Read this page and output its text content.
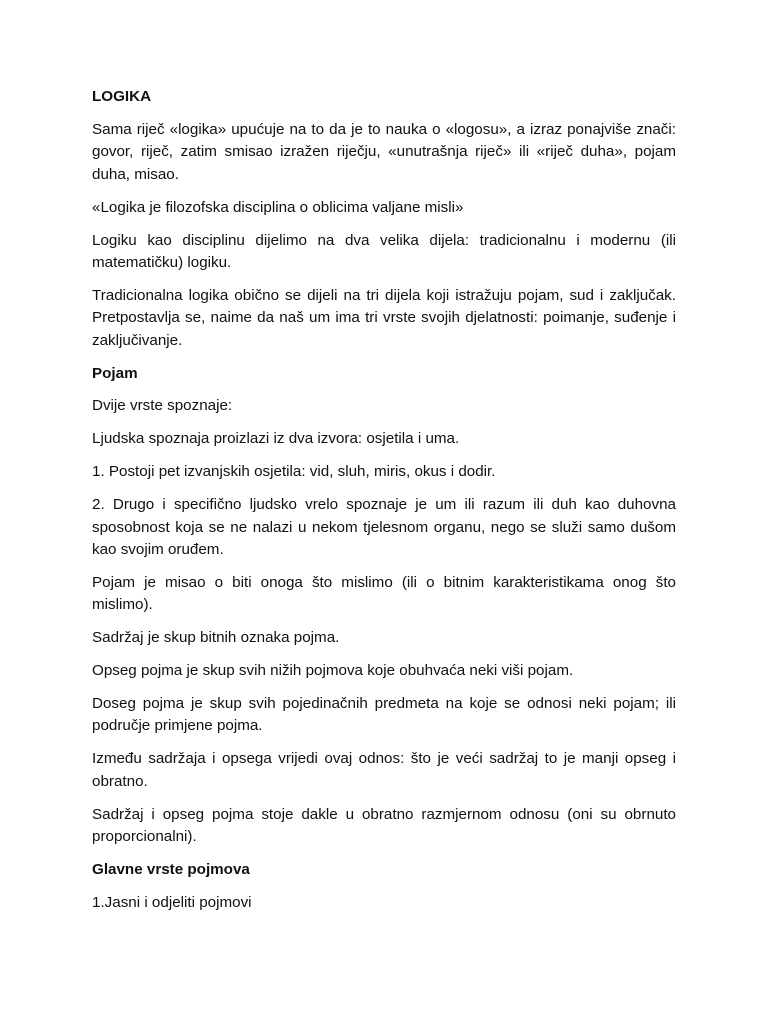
LOGIKA

Sama riječ «logika» upućuje na to da je to nauka o «logosu», a izraz ponajviše znači: govor, riječ, zatim smisao izražen riječju, «unutrašnja riječ» ili «riječ duha», pojam duha, misao.

«Logika je filozofska disciplina o oblicima valjane misli»

Logiku kao disciplinu dijelimo na dva velika dijela: tradicionalnu i modernu (ili matematičku) logiku.

Tradicionalna logika obično se dijeli na tri dijela koji istražuju pojam, sud i zaključak. Pretpostavlja se, naime da naš um ima tri vrste svojih djelatnosti: poimanje, suđenje i zaključivanje.

Pojam

Dvije vrste spoznaje:

Ljudska spoznaja proizlazi iz dva izvora: osjetila i uma.

1. Postoji pet izvanjskih osjetila: vid, sluh, miris, okus i dodir.

2. Drugo i specifično ljudsko vrelo spoznaje je um ili razum ili duh kao duhovna sposobnost koja se ne nalazi u nekom tjelesnom organu, nego se služi samo dušom kao svojim oruđem.

Pojam je misao o biti onoga što mislimo (ili o bitnim karakteristikama onog što mislimo).

Sadržaj je skup bitnih oznaka pojma.

Opseg pojma je skup svih nižih pojmova koje obuhvaća neki viši pojam.

Doseg pojma je skup svih pojedinačnih predmeta na koje se odnosi neki pojam; ili područje primjene pojma.

Između sadržaja i opsega vrijedi ovaj odnos: što je veći sadržaj to je manji opseg i obratno.

Sadržaj i opseg pojma stoje dakle u obratno razmjernom odnosu (oni su obrnuto proporcionalni).

Glavne vrste pojmova

1.Jasni i odjeliti pojmovi
